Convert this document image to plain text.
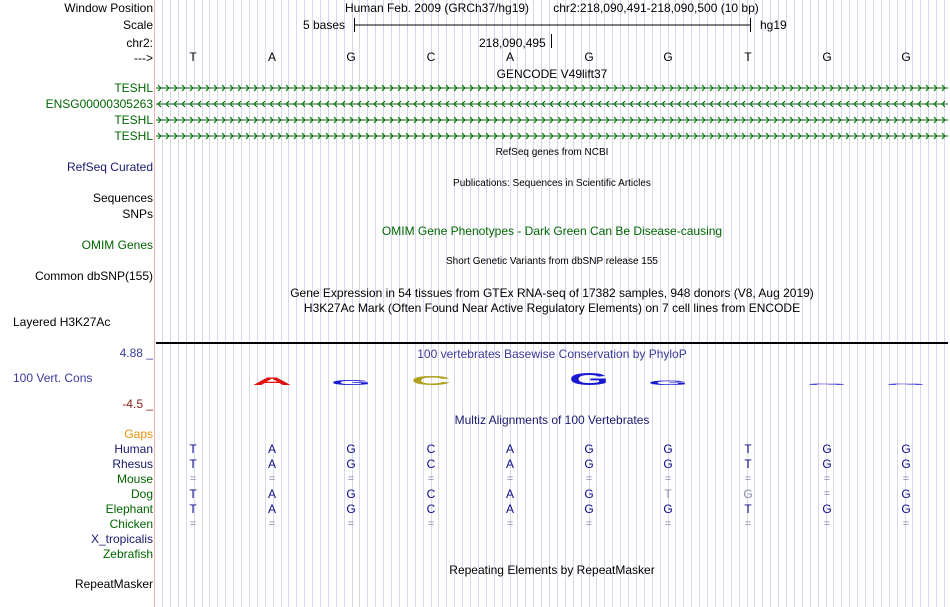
Window Position
Scale
chr2:
--->
Human Feb. 2009 (GRCh37/hg19) chr2:218,090,491-218,090,500 (10 bp)
5 bases	hg19
218,090,495
T	A	G	C	A	G	G	T	G	G
GENCODE V49lift37
TESHL
ENSG00000305263
TESHL
TESHL
RefSeq Curated
RefSeq genes from NCBI
Publications: Sequences in Scientific Articles
Sequences
SNPs
OMIM Gene Phenotypes - Dark Green Can Be Disease-causing
OMIM Genes
Short Genetic Variants from dbSNP release 155
Common dbSNP(155)
Gene Expression in 54 tissues from GTEx RNA-seq of 17382 samples, 948 donors (V8, Aug 2019)
H3K27Ac Mark (Often Found Near Active Regulatory Elements) on 7 cell lines from ENCODE
Layered H3K27Ac
100 vertebrates Basewise Conservation by PhyloP
4.88 _
100 Vert. Cons
-4.5 _
A G C	G G	G G
Multiz Alignments of 100 Vertebrates
Gaps
Human	T	A	G	C	A	G	G	T	G	G
Rhesus	T	A	G	C	A	G	G	T	G	G
Mouse	=	=	=	=	=	=	=	=	=	=
Dog	T	A	G	C	A	G	T	G	=	G
Elephant	T	A	G	C	A	G	G	T	G	G
Chicken	=	=	=	=	=	=	=	=	=	=
X_tropicalis
Zebrafish
Repeating Elements by RepeatMasker
RepeatMasker
